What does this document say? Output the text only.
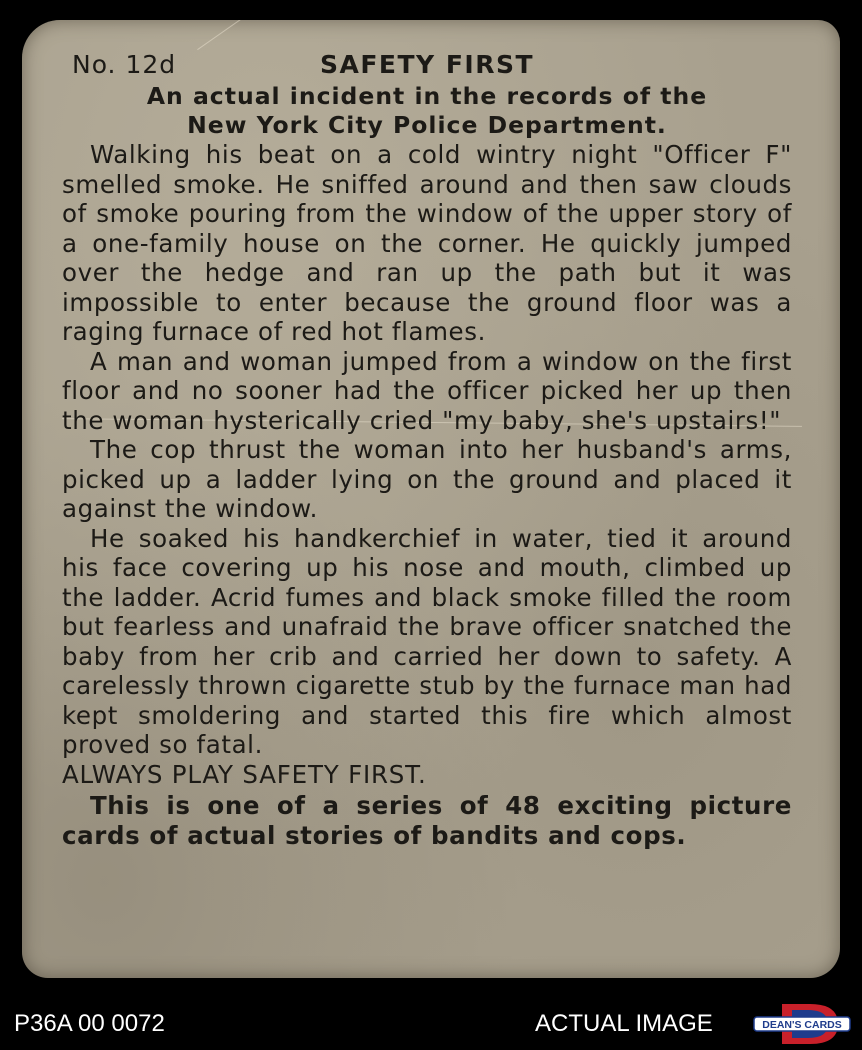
No. 12d	SAFETY FIRST
An actual incident in the records of the
New York City Police Department.

Walking his beat on a cold wintry night "Officer F" smelled smoke. He sniffed around and then saw clouds of smoke pouring from the window of the upper story of a one-family house on the corner. He quickly jumped over the hedge and ran up the path but it was impossible to enter because the ground floor was a raging furnace of red hot flames.

A man and woman jumped from a window on the first floor and no sooner had the officer picked her up then the woman hysterically cried "my baby, she's upstairs!"

The cop thrust the woman into her husband's arms, picked up a ladder lying on the ground and placed it against the window.

He soaked his handkerchief in water, tied it around his face covering up his nose and mouth, climbed up the ladder. Acrid fumes and black smoke filled the room but fearless and unafraid the brave officer snatched the baby from her crib and carried her down to safety. A carelessly thrown cigarette stub by the furnace man had kept smoldering and started this fire which almost proved so fatal.

ALWAYS PLAY SAFETY FIRST.

This is one of a series of 48 exciting picture cards of actual stories of bandits and cops.

P36A 00 0072	ACTUAL IMAGE	DEAN'S CARDS
